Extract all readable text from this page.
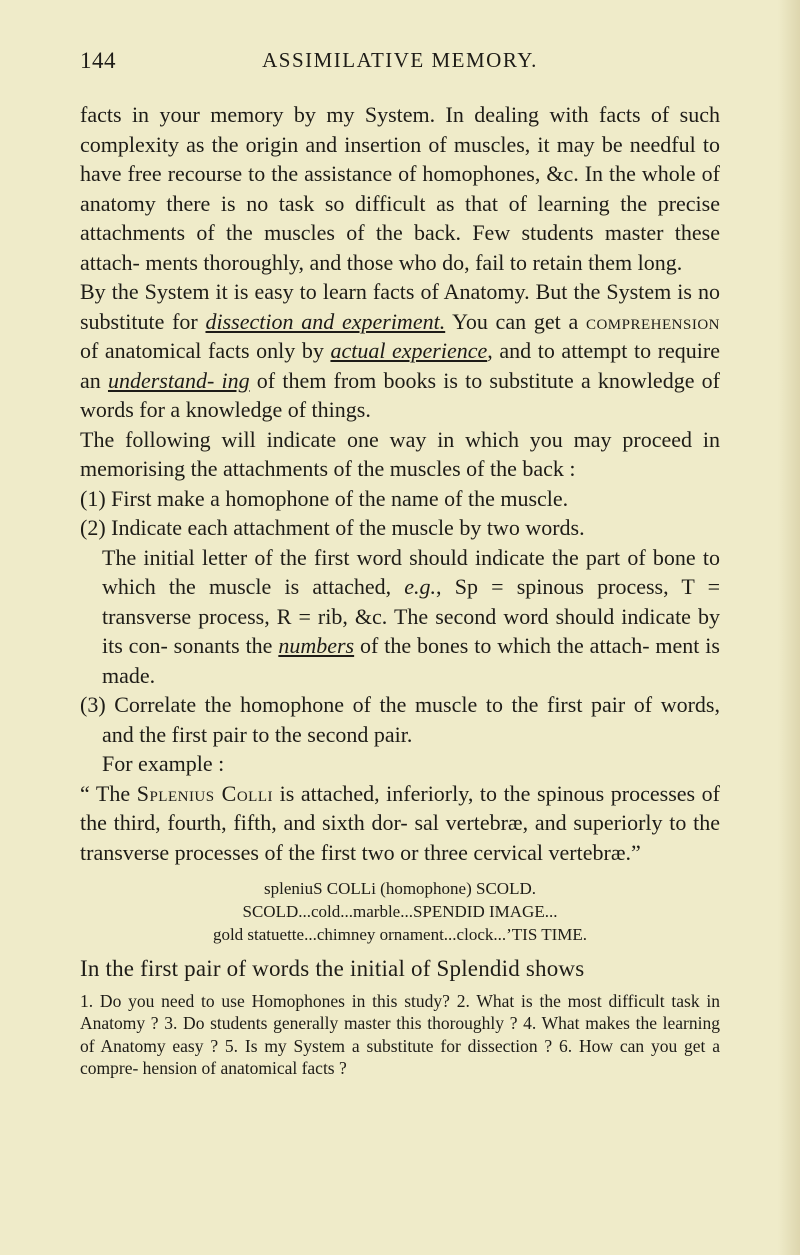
144	ASSIMILATIVE MEMORY.

facts in your memory by my System. In dealing with facts of such complexity as the origin and insertion of muscles, it may be needful to have free recourse to the assistance of homophones, &c. In the whole of anatomy there is no task so difficult as that of learning the precise attachments of the muscles of the back. Few students master these attach- ments thoroughly, and those who do, fail to retain them long.

By the System it is easy to learn facts of Anatomy. But the System is no substitute for dissection and experiment. You can get a comprehension of anatomical facts only by actual experience, and to attempt to require an understand- ing of them from books is to substitute a knowledge of words for a knowledge of things.

The following will indicate one way in which you may proceed in memorising the attachments of the muscles of the back :

(1) First make a homophone of the name of the muscle.

(2) Indicate each attachment of the muscle by two words.

The initial letter of the first word should indicate the part of bone to which the muscle is attached, e.g., Sp = spinous process, T = transverse process, R = rib, &c. The second word should indicate by its con- sonants the numbers of the bones to which the attach- ment is made.

(3) Correlate the homophone of the muscle to the first pair of words, and the first pair to the second pair.

For example :

“ The Splenius Colli is attached, inferiorly, to the spinous processes of the third, fourth, fifth, and sixth dor- sal vertebræ, and superiorly to the transverse processes of the first two or three cervical vertebræ.”

spleniuS COLLi (homophone) SCOLD.
SCOLD...cold...marble...SPENDID IMAGE...
gold statuette...chimney ornament...clock...’TIS TIME.

In the first pair of words the initial of Splendid shows

1. Do you need to use Homophones in this study? 2. What is the most difficult task in Anatomy ? 3. Do students generally master this thoroughly ? 4. What makes the learning of Anatomy easy ? 5. Is my System a substitute for dissection ? 6. How can you get a compre- hension of anatomical facts ?
